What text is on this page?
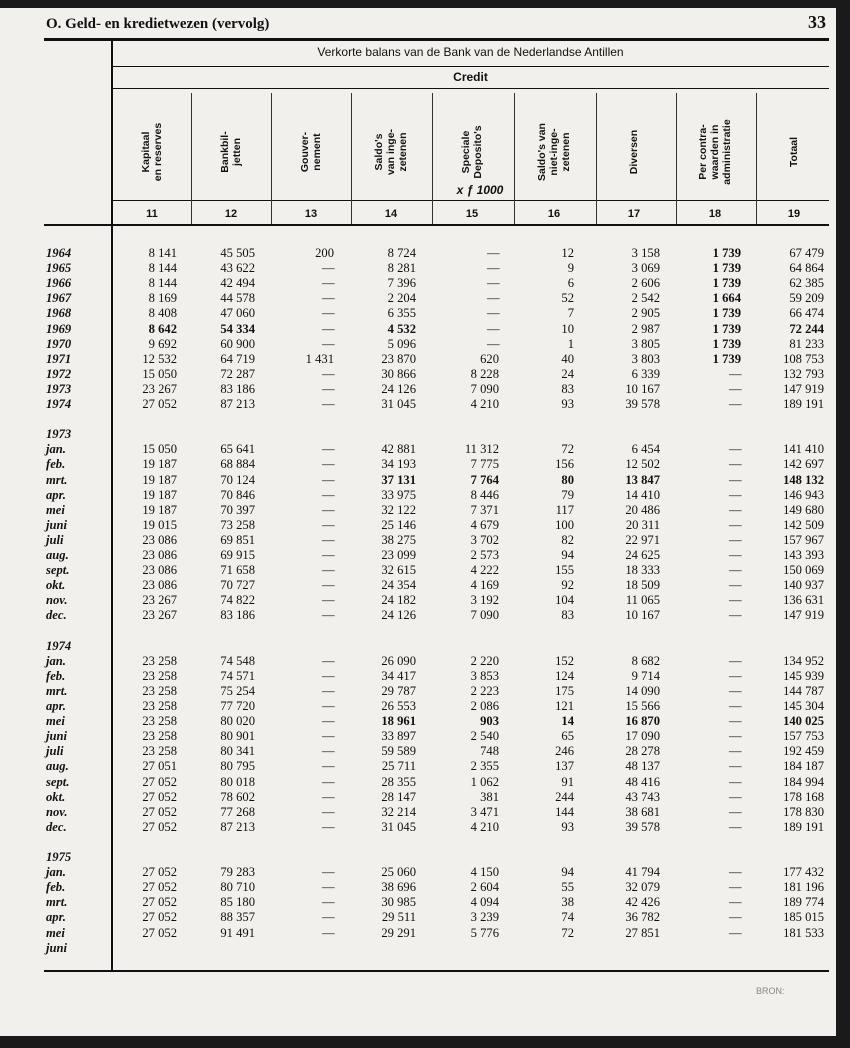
O. Geld- en kredietwezen (vervolg)	33
Verkorte balans van de Bank van de Nederlandse Antillen
Credit
x ƒ 1000
Kapitaal
en reserves
11
Bankbil-
jetten
12
Gouver-
nement
13
Saldo's
van inge-
zetenen
14
Speciale
Deposito's
15
Saldo's van
niet-inge-
zetenen
16
Diversen
17
Per contra-
waarden in
administratie
18
Totaal
19
1964	8 141	45 505	200	8 724	—	12	3 158	1 739	67 479
1965	8 144	43 622	—	8 281	—	9	3 069	1 739	64 864
1966	8 144	42 494	—	7 396	—	6	2 606	1 739	62 385
1967	8 169	44 578	—	2 204	—	52	2 542	1 664	59 209
1968	8 408	47 060	—	6 355	—	7	2 905	1 739	66 474
1969	8 642	54 334	—	4 532	—	10	2 987	1 739	72 244
1970	9 692	60 900	—	5 096	—	1	3 805	1 739	81 233
1971	12 532	64 719	1 431	23 870	620	40	3 803	1 739	108 753
1972	15 050	72 287	—	30 866	8 228	24	6 339	—	132 793
1973	23 267	83 186	—	24 126	7 090	83	10 167	—	147 919
1974	27 052	87 213	—	31 045	4 210	93	39 578	—	189 191
1973
jan.	15 050	65 641	—	42 881	11 312	72	6 454	—	141 410
feb.	19 187	68 884	—	34 193	7 775	156	12 502	—	142 697
mrt.	19 187	70 124	—	37 131	7 764	80	13 847	—	148 132
apr.	19 187	70 846	—	33 975	8 446	79	14 410	—	146 943
mei	19 187	70 397	—	32 122	7 371	117	20 486	—	149 680
juni	19 015	73 258	—	25 146	4 679	100	20 311	—	142 509
juli	23 086	69 851	—	38 275	3 702	82	22 971	—	157 967
aug.	23 086	69 915	—	23 099	2 573	94	24 625	—	143 393
sept.	23 086	71 658	—	32 615	4 222	155	18 333	—	150 069
okt.	23 086	70 727	—	24 354	4 169	92	18 509	—	140 937
nov.	23 267	74 822	—	24 182	3 192	104	11 065	—	136 631
dec.	23 267	83 186	—	24 126	7 090	83	10 167	—	147 919
1974
jan.	23 258	74 548	—	26 090	2 220	152	8 682	—	134 952
feb.	23 258	74 571	—	34 417	3 853	124	9 714	—	145 939
mrt.	23 258	75 254	—	29 787	2 223	175	14 090	—	144 787
apr.	23 258	77 720	—	26 553	2 086	121	15 566	—	145 304
mei	23 258	80 020	—	18 961	903	14	16 870	—	140 025
juni	23 258	80 901	—	33 897	2 540	65	17 090	—	157 753
juli	23 258	80 341	—	59 589	748	246	28 278	—	192 459
aug.	27 051	80 795	—	25 711	2 355	137	48 137	—	184 187
sept.	27 052	80 018	—	28 355	1 062	91	48 416	—	184 994
okt.	27 052	78 602	—	28 147	381	244	43 743	—	178 168
nov.	27 052	77 268	—	32 214	3 471	144	38 681	—	178 830
dec.	27 052	87 213	—	31 045	4 210	93	39 578	—	189 191
1975
jan.	27 052	79 283	—	25 060	4 150	94	41 794	—	177 432
feb.	27 052	80 710	—	38 696	2 604	55	32 079	—	181 196
mrt.	27 052	85 180	—	30 985	4 094	38	42 426	—	189 774
apr.	27 052	88 357	—	29 511	3 239	74	36 782	—	185 015
mei	27 052	91 491	—	29 291	5 776	72	27 851	—	181 533
juni
BRON:
